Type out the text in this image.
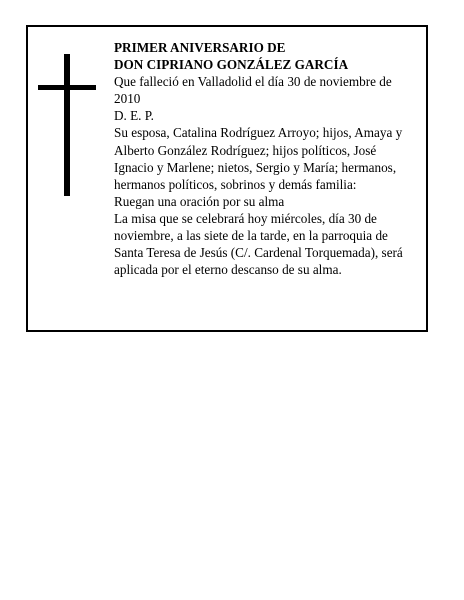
PRIMER ANIVERSARIO DE

DON CIPRIANO GONZÁLEZ GARCÍA

Que falleció en Valladolid el día 30 de noviembre de 2010

D. E. P.

Su esposa, Catalina Rodríguez Arroyo; hijos, Amaya y Alberto González Rodríguez; hijos políticos, José Ignacio y Marlene; nietos, Sergio y María; hermanos, hermanos políticos, sobrinos y demás familia:

Ruegan una oración por su alma

La misa que se celebrará hoy miércoles, día 30 de noviembre, a las siete de la tarde, en la parroquia de Santa Teresa de Jesús (C/. Cardenal Torquemada), será aplicada por el eterno descanso de su alma.
